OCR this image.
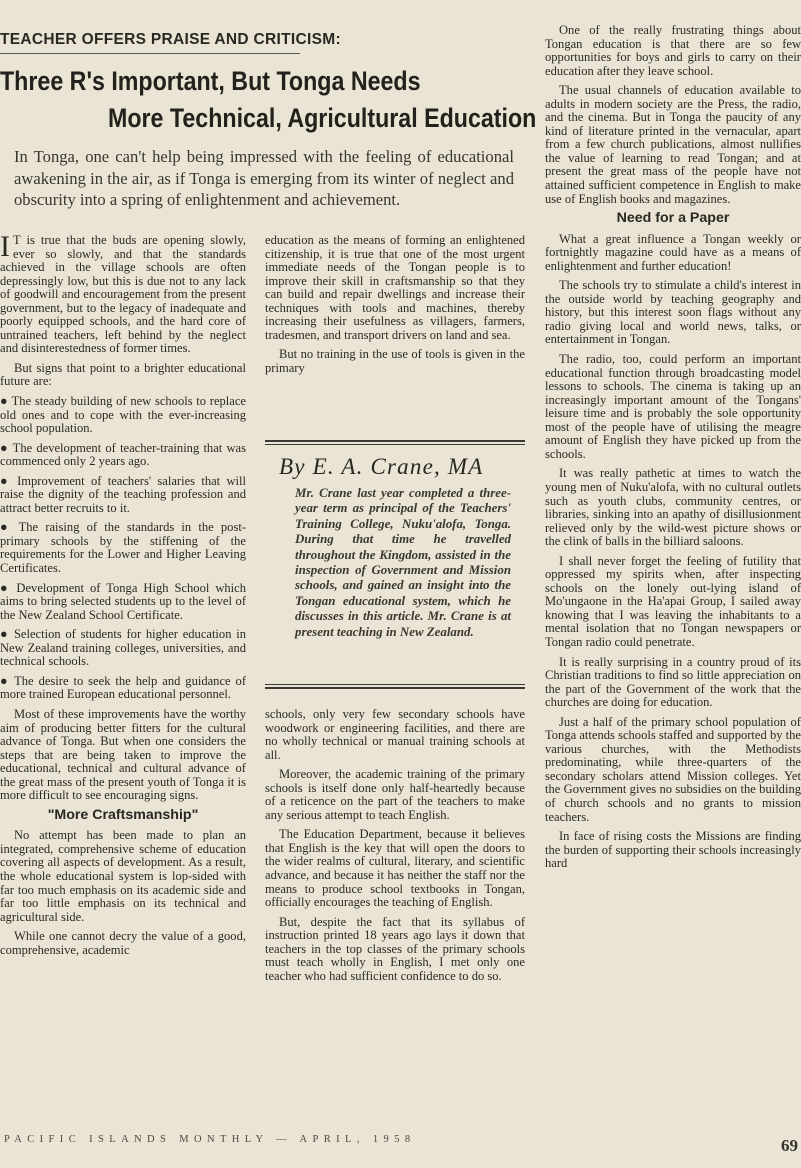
TEACHER OFFERS PRAISE AND CRITICISM:
Three R's Important, But Tonga Needs
More Technical, Agricultural Education
In Tonga, one can't help being impressed with the feeling of educational awakening in the air, as if Tonga is emerging from its winter of neglect and obscurity into a spring of enlightenment and achievement.

I T is true that the buds are opening slowly, ever so slowly, and that the standards achieved in the village schools are often depressingly low, but this is due not to any lack of goodwill and encouragement from the present government, but to the legacy of inadequate and poorly equipped schools, and the hard core of untrained teachers, left behind by the neglect and disinterestedness of former times.

But signs that point to a brighter educational future are:

● The steady building of new schools to replace old ones and to cope with the ever-increasing school population.

● The development of teacher-training that was commenced only 2 years ago.

● Improvement of teachers' salaries that will raise the dignity of the teaching profession and attract better recruits to it.

● The raising of the standards in the post-primary schools by the stiffening of the requirements for the Lower and Higher Leaving Certificates.

● Development of Tonga High School which aims to bring selected students up to the level of the New Zealand School Certificate.

● Selection of students for higher education in New Zealand training colleges, universities, and technical schools.

● The desire to seek the help and guidance of more trained European educational personnel.

Most of these improvements have the worthy aim of producing better fitters for the cultural advance of Tonga. But when one considers the steps that are being taken to improve the educational, technical and cultural advance of the great mass of the present youth of Tonga it is more difficult to see encouraging signs.

"More Craftsmanship"

No attempt has been made to plan an integrated, comprehensive scheme of education covering all aspects of development. As a result, the whole educational system is lop-sided with far too much emphasis on its academic side and far too little emphasis on its technical and agricultural side.

While one cannot decry the value of a good, comprehensive, academic

education as the means of forming an enlightened citizenship, it is true that one of the most urgent immediate needs of the Tongan people is to improve their skill in craftsmanship so that they can build and repair dwellings and increase their techniques with tools and machines, thereby increasing their usefulness as villagers, farmers, tradesmen, and transport drivers on land and sea.

But no training in the use of tools is given in the primary

By E. A. Crane, MA
Mr. Crane last year completed a three-year term as principal of the Teachers' Training College, Nuku'alofa, Tonga. During that time he travelled throughout the Kingdom, assisted in the inspection of Government and Mission schools, and gained an insight into the Tongan educational system, which he discusses in this article. Mr. Crane is at present teaching in New Zealand.

schools, only very few secondary schools have woodwork or engineering facilities, and there are no wholly technical or manual training schools at all.

Moreover, the academic training of the primary schools is itself done only half-heartedly because of a reticence on the part of the teachers to make any serious attempt to teach English.

The Education Department, because it believes that English is the key that will open the doors to the wider realms of cultural, literary, and scientific advance, and because it has neither the staff nor the means to produce school textbooks in Tongan, officially encourages the teaching of English.

But, despite the fact that its syllabus of instruction printed 18 years ago lays it down that teachers in the top classes of the primary schools must teach wholly in English, I met only one teacher who had sufficient confidence to do so.

One of the really frustrating things about Tongan education is that there are so few opportunities for boys and girls to carry on their education after they leave school.

The usual channels of education available to adults in modern society are the Press, the radio, and the cinema. But in Tonga the paucity of any kind of literature printed in the vernacular, apart from a few church publications, almost nullifies the value of learning to read Tongan; and at present the great mass of the people have not attained sufficient competence in English to make use of English books and magazines.

Need for a Paper

What a great influence a Tongan weekly or fortnightly magazine could have as a means of enlightenment and further education!

The schools try to stimulate a child's interest in the outside world by teaching geography and history, but this interest soon flags without any radio giving local and world news, talks, or entertainment in Tongan.

The radio, too, could perform an important educational function through broadcasting model lessons to schools. The cinema is taking up an increasingly important amount of the Tongans' leisure time and is probably the sole opportunity most of the people have of utilising the meagre amount of English they have picked up from the schools.

It was really pathetic at times to watch the young men of Nuku'alofa, with no cultural outlets such as youth clubs, community centres, or libraries, sinking into an apathy of disillusionment relieved only by the wild-west picture shows or the clink of balls in the billiard saloons.

I shall never forget the feeling of futility that oppressed my spirits when, after inspecting schools on the lonely out-lying island of Mo'ungaone in the Ha'apai Group, I sailed away knowing that I was leaving the inhabitants to a mental isolation that no Tongan newspapers or Tongan radio could penetrate.

It is really surprising in a country proud of its Christian traditions to find so little appreciation on the part of the Government of the work that the churches are doing for education.

Just a half of the primary school population of Tonga attends schools staffed and supported by the various churches, with the Methodists predominating, while three-quarters of the secondary scholars attend Mission colleges. Yet the Government gives no subsidies on the building of church schools and no grants to mission teachers.

In face of rising costs the Missions are finding the burden of supporting their schools increasingly hard

PACIFIC ISLANDS MONTHLY — APRIL, 1958	69
